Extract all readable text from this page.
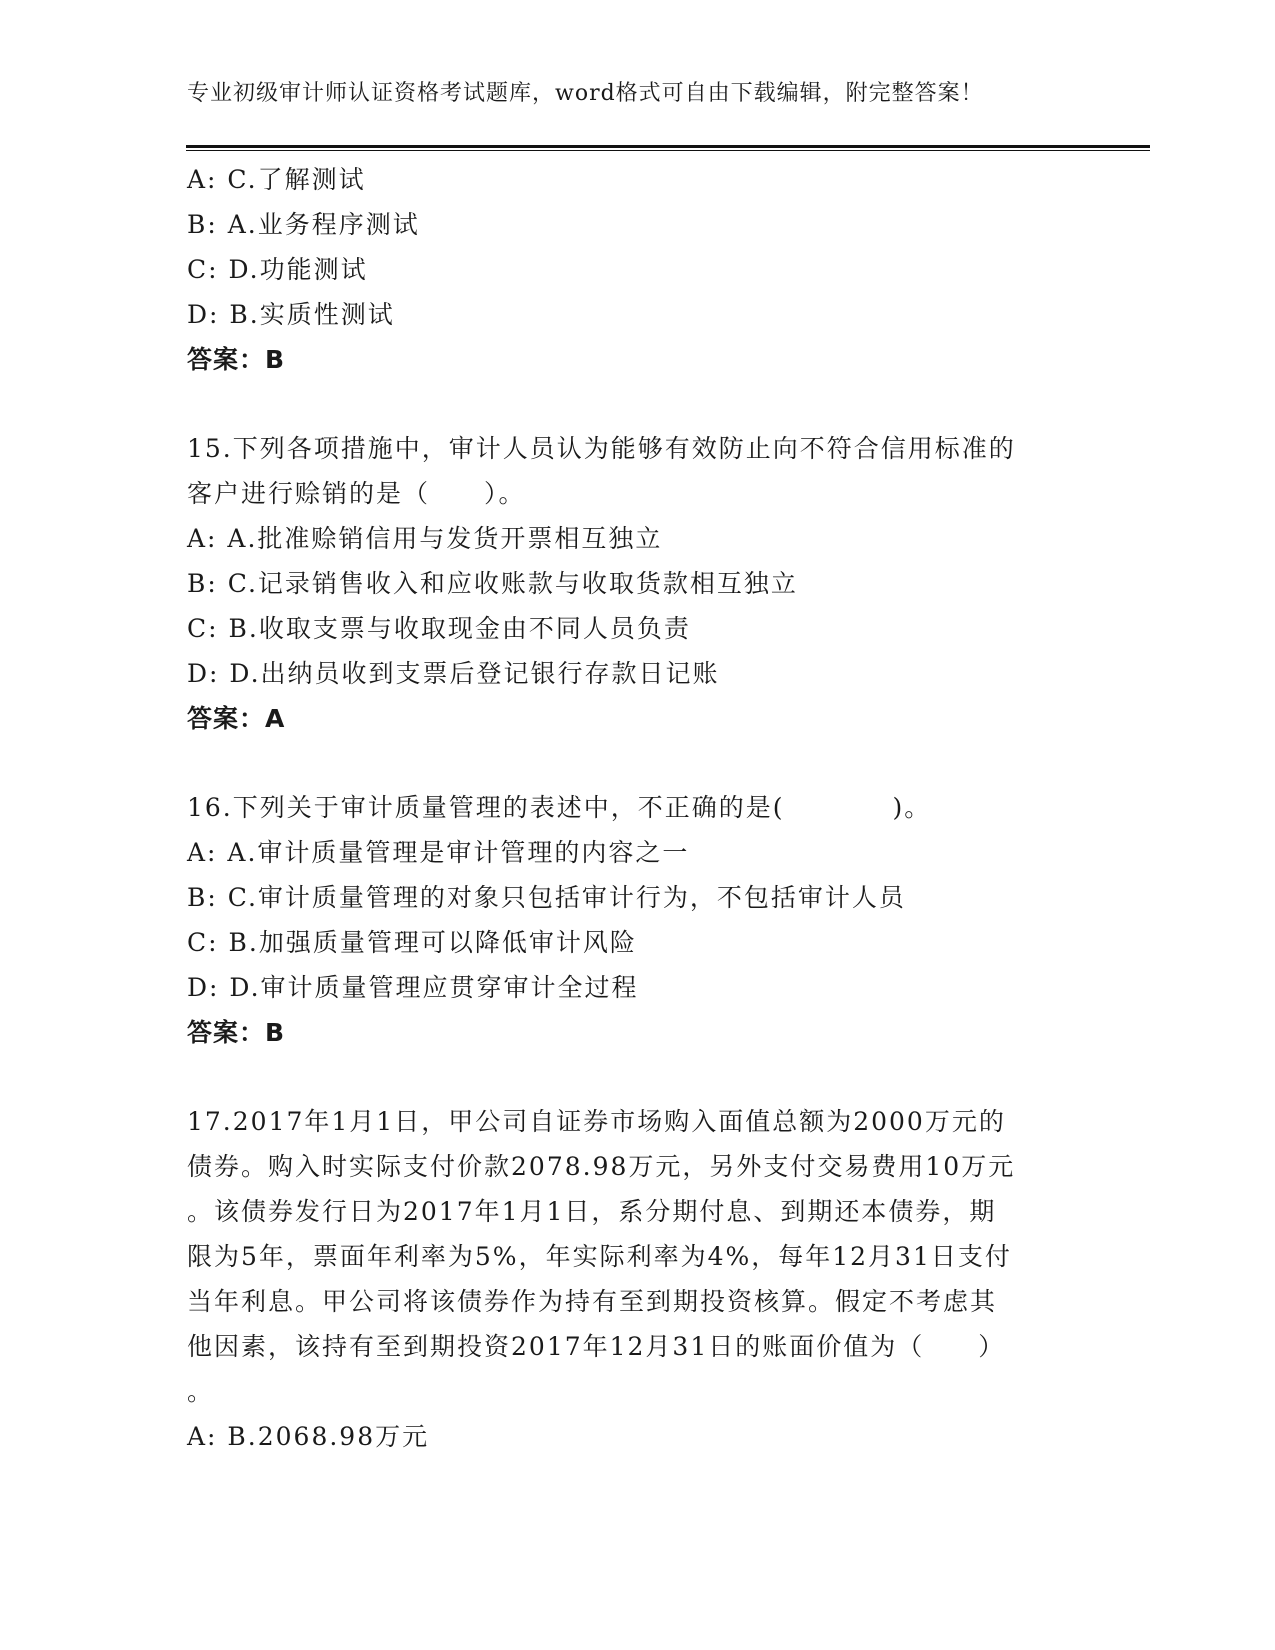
专业初级审计师认证资格考试题库，word格式可自由下载编辑，附完整答案！
A: C.了解测试
B: A.业务程序测试
C: D.功能测试
D: B.实质性测试
答案：B
15.下列各项措施中，审计人员认为能够有效防止向不符合信用标准的
客户进行赊销的是（　　）。
A: A.批准赊销信用与发货开票相互独立
B: C.记录销售收入和应收账款与收取货款相互独立
C: B.收取支票与收取现金由不同人员负责
D: D.出纳员收到支票后登记银行存款日记账
答案：A
16.下列关于审计质量管理的表述中，不正确的是(　　　　)。
A: A.审计质量管理是审计管理的内容之一
B: C.审计质量管理的对象只包括审计行为，不包括审计人员
C: B.加强质量管理可以降低审计风险
D: D.审计质量管理应贯穿审计全过程
答案：B
17.2017年1月1日，甲公司自证券市场购入面值总额为2000万元的
债券。购入时实际支付价款2078.98万元，另外支付交易费用10万元
。该债券发行日为2017年1月1日，系分期付息、到期还本债券，期
限为5年，票面年利率为5%，年实际利率为4%，每年12月31日支付
当年利息。甲公司将该债券作为持有至到期投资核算。假定不考虑其
他因素，该持有至到期投资2017年12月31日的账面价值为（　　）
。
A: B.2068.98万元
